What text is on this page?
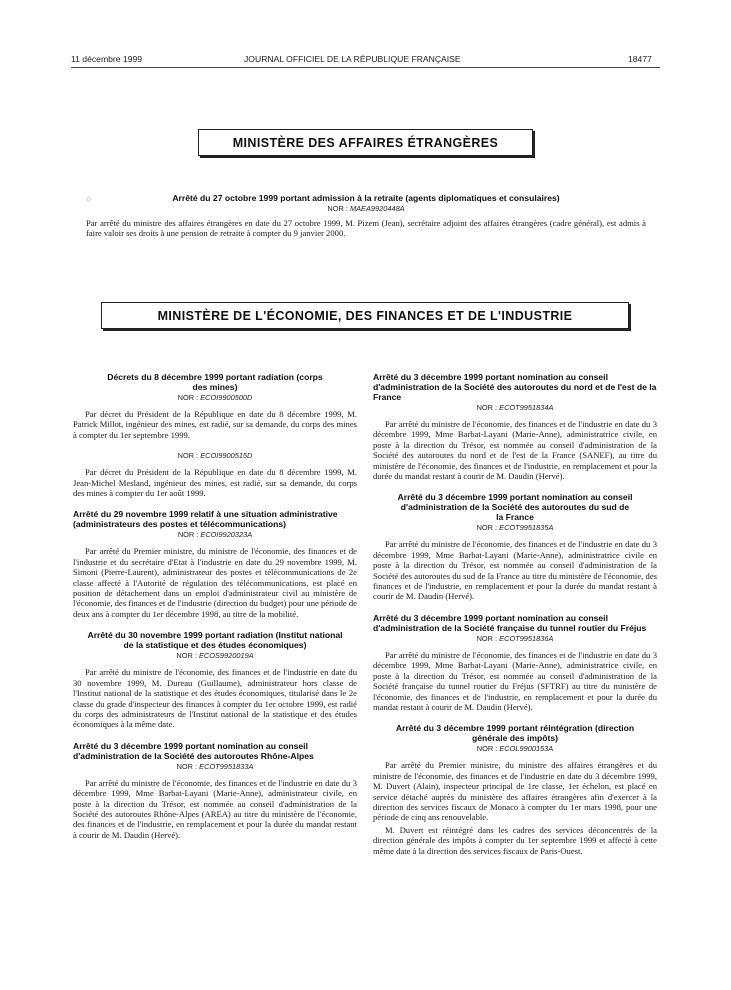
11 décembre 1999	JOURNAL OFFICIEL DE LA RÉPUBLIQUE FRANÇAISE	18477
MINISTÈRE DES AFFAIRES ÉTRANGÈRES
◇	Arrêté du 27 octobre 1999 portant admission à la retraite (agents diplomatiques et consulaires)

NOR : MAEA9920448A

Par arrêté du ministre des affaires étrangères en date du 27 octobre 1999, M. Pizem (Jean), secrétaire adjoint des affaires étrangères (cadre général), est admis à faire valoir ses droits à une pension de retraite à compter du 9 janvier 2000.

MINISTÈRE DE L'ÉCONOMIE, DES FINANCES ET DE L'INDUSTRIE

Décrets du 8 décembre 1999 portant radiation (corps des mines)

NOR : ECOI9900500D

Par décret du Président de la République en date du 8 décembre 1999, M. Patrick Millot, ingénieur des mines, est radié, sur sa demande, du corps des mines à compter du 1er septembre 1999.

NOR : ECOI9900515D

Par décret du Président de la République en date du 8 décembre 1999, M. Jean-Michel Mesland, ingénieur des mines, est radié, sur sa demande, du corps des mines à compter du 1er août 1999.

Arrêté du 29 novembre 1999 relatif à une situation administrative (administrateurs des postes et télécommunications)

NOR : ECOI9920323A

Par arrêté du Premier ministre, du ministre de l'économie, des finances et de l'industrie et du secrétaire d'Etat à l'industrie en date du 29 novembre 1999, M. Simoni (Pierre-Laurent), administrateur des postes et télécommunications de 2e classe affecté à l'Autorité de régulation des télécommunications, est placé en position de détachement dans un emploi d'administrateur civil au ministère de l'économie, des finances et de l'industrie (direction du budget) pour une période de deux ans à compter du 1er décembre 1998, au titre de la mobilité.

Arrêté du 30 novembre 1999 portant radiation (Institut national de la statistique et des études économiques)

NOR : ECOS9920019A

Par arrêté du ministre de l'économie, des finances et de l'industrie en date du 30 novembre 1999, M. Dureau (Guillaume), administrateur hors classe de l'Institut national de la statistique et des études économiques, titularisé dans le 2e classe du grade d'inspecteur des finances à compter du 1er octobre 1999, est radié du corps des administrateurs de l'Institut national de la statistique et des études économiques à la même date.

Arrêté du 3 décembre 1999 portant nomination au conseil d'administration de la Société des autoroutes Rhône-Alpes

NOR : ECOT9951833A

Par arrêté du ministre de l'économie, des finances et de l'industrie en date du 3 décembre 1999, Mme Barbat-Layani (Marie-Anne), administrateur civile, en poste à la direction du Trésor, est nommée au conseil d'administration de la Société des autoroutes Rhône-Alpes (AREA) au titre du ministère de l'économie, des finances et de l'industrie, en remplacement et pour la durée du mandat restant à courir de M. Daudin (Hervé).

Arrêté du 3 décembre 1999 portant nomination au conseil d'administration de la Société des autoroutes du nord et de l'est de la France

NOR : ECOT9951834A

Par arrêté du ministre de l'économie, des finances et de l'industrie en date du 3 décembre 1999, Mme Barbat-Layani (Marie-Anne), administratrice civile, en poste à la direction du Trésor, est nommée au conseil d'administration de la Société des autoroutes du nord et de l'est de la France (SANEF), au titre du ministère de l'économie, des finances et de l'industrie, en remplacement et pour la durée du mandat restant à courir de M. Daudin (Hervé).

Arrêté du 3 décembre 1999 portant nomination au conseil d'administration de la Société des autoroutes du sud de la France

NOR : ECOT9951835A

Par arrêté du ministre de l'économie, des finances et de l'industrie en date du 3 décembre 1999, Mme Barbat-Layani (Marie-Anne), administratrice civile en poste à la direction du Trésor, est nommée au conseil d'administration de la Société des autoroutes du sud de la France au titre du ministère de l'économie, des finances et de l'industrie, en remplacement et pour la durée du mandat restant à courir de M. Daudin (Hervé).

Arrêté du 3 décembre 1999 portant nomination au conseil d'administration de la Société française du tunnel routier du Fréjus

NOR : ECOT9951836A

Par arrêté du ministre de l'économie, des finances et de l'industrie en date du 3 décembre 1999, Mme Barbat-Layani (Marie-Anne), administratrice civile, en poste à la direction du Trésor, est nommée au conseil d'administration de la Société française du tunnel routier du Fréjus (SFTRF) au titre du ministère de l'économie, des finances et de l'industrie, en remplacement et pour la durée du mandat restant à courir de M. Daudin (Hervé).

Arrêté du 3 décembre 1999 portant réintégration (direction générale des impôts)

NOR : ECOL9900153A

Par arrêté du Premier ministre, du ministre des affaires étrangères et du ministre de l'économie, des finances et de l'industrie en date du 3 décembre 1999, M. Duvert (Alain), inspecteur principal de 1re classe, 1er échelon, est placé en service détaché auprès du ministère des affaires étrangères afin d'exercer à la direction des services fiscaux de Monaco à compter du 1er mars 1998, pour une période de cinq ans renouvelable.

M. Duvert est réintégré dans les cadres des services déconcentrés de la direction générale des impôts à compter du 1er septembre 1999 et affecté à cette même date à la direction des services fiscaux de Paris-Ouest.
